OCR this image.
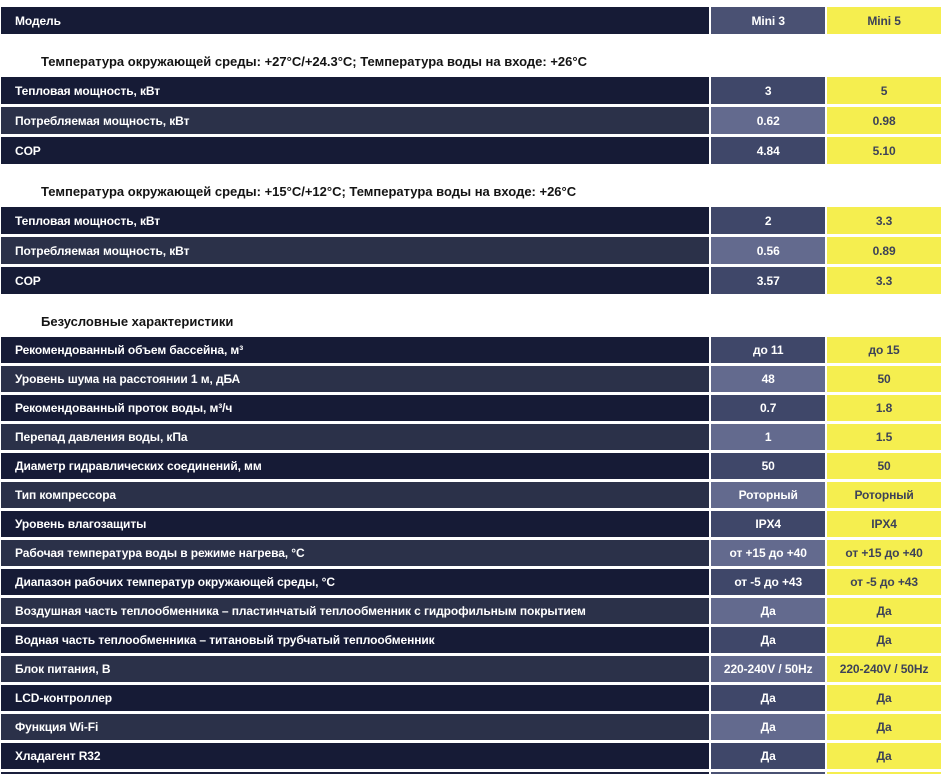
Модель	Mini 3	Mini 5
Температура окружающей среды: +27°C/+24.3°C; Температура воды на входе: +26°C
Тепловая мощность, кВт	3	5
Потребляемая мощность, кВт	0.62	0.98
COP	4.84	5.10
Температура окружающей среды: +15°C/+12°C; Температура воды на входе: +26°C
Тепловая мощность, кВт	2	3.3
Потребляемая мощность, кВт	0.56	0.89
COP	3.57	3.3
Безусловные характеристики
Рекомендованный объем бассейна, м³	до 11	до 15
Уровень шума на расстоянии 1 м, дБА	48	50
Рекомендованный проток воды, м³/ч	0.7	1.8
Перепад давления воды, кПа	1	1.5
Диаметр гидравлических соединений, мм	50	50
Тип компрессора	Роторный	Роторный
Уровень влагозащиты	IPX4	IPX4
Рабочая температура воды в режиме нагрева, °C	от +15 до +40	от +15 до +40
Диапазон рабочих температур окружающей среды, °C	от -5 до +43	от -5 до +43
Воздушная часть теплообменника – пластинчатый теплообменник с гидрофильным покрытием	Да	Да
Водная часть теплообменника – титановый трубчатый теплообменник	Да	Да
Блок питания, В	220-240V / 50Hz	220-240V / 50Hz
LCD-контроллер	Да	Да
Функция Wi-Fi	Да	Да
Хладагент R32	Да	Да
